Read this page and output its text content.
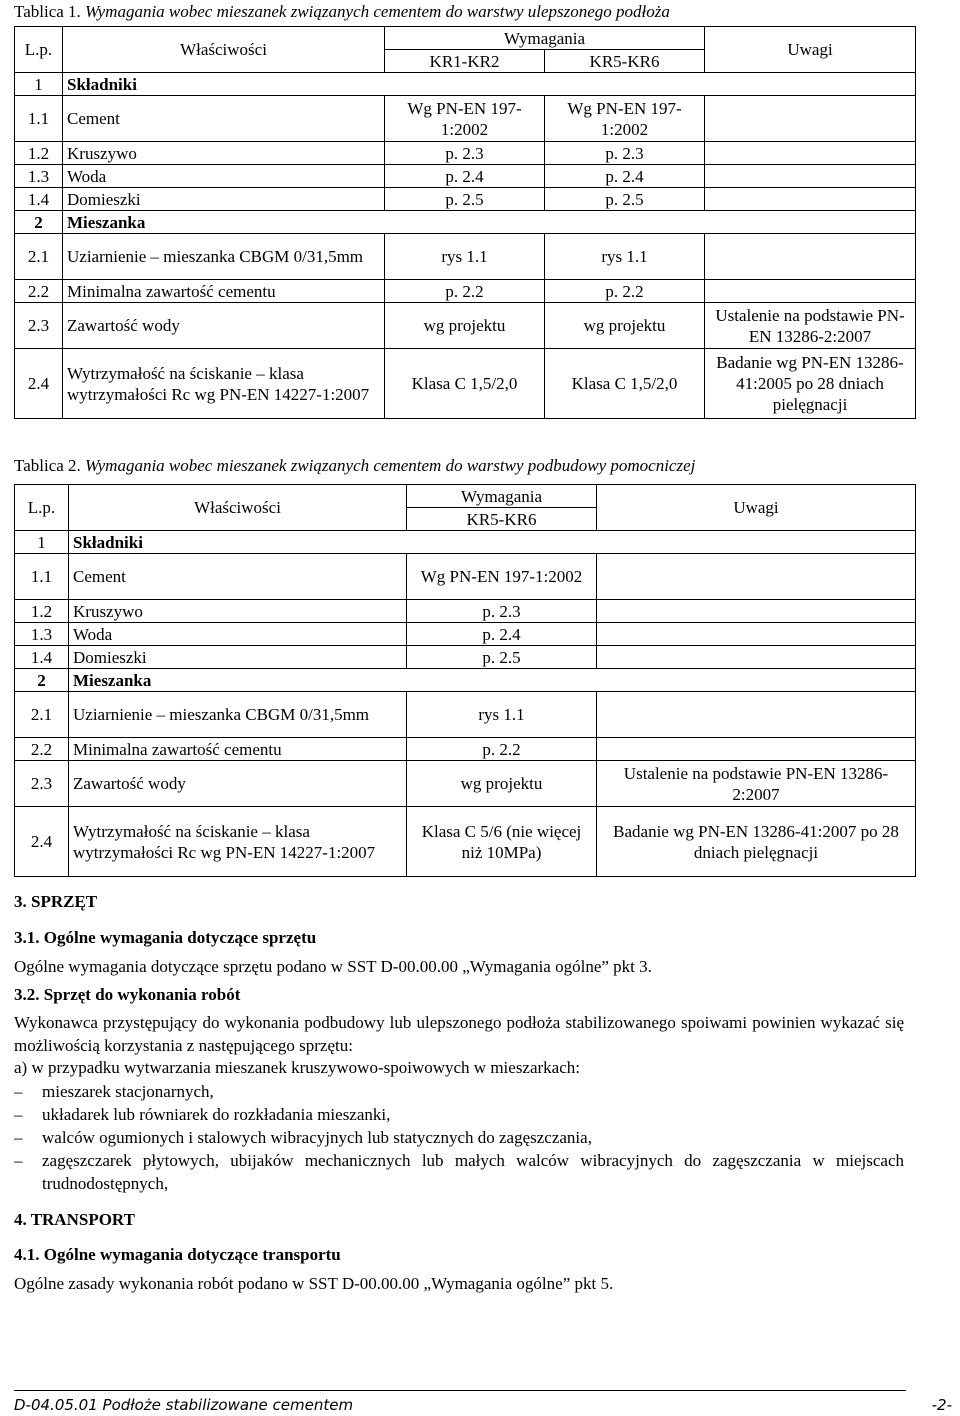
Tablica 1. Wymagania wobec mieszanek związanych cementem do warstwy ulepszonego podłoża
L.p.	Właściwości	Wymagania		Uwagi
		KR1-KR2	KR5-KR6	
1	Składniki			
1.1	Cement	Wg PN-EN 197-1:2002	Wg PN-EN 197-1:2002	
1.2	Kruszywo	p. 2.3	p. 2.3	
1.3	Woda	p. 2.4	p. 2.4	
1.4	Domieszki	p. 2.5	p. 2.5	
2	Mieszanka			
2.1	Uziarnienie – mieszanka CBGM 0/31,5mm	rys 1.1	rys 1.1	
2.2	Minimalna zawartość cementu	p. 2.2	p. 2.2	
2.3	Zawartość wody	wg projektu	wg projektu	Ustalenie na podstawie PN-EN 13286-2:2007
2.4	Wytrzymałość na ściskanie – klasa wytrzymałości Rc wg PN-EN 14227-1:2007	Klasa C 1,5/2,0	Klasa C 1,5/2,0	Badanie wg PN-EN 13286-41:2005 po 28 dniach pielęgnacji
Tablica 2. Wymagania wobec mieszanek związanych cementem do warstwy podbudowy pomocniczej
L.p.	Właściwości	Wymagania	Uwagi
		KR5-KR6	
1	Składniki		
1.1	Cement	Wg PN-EN 197-1:2002	
1.2	Kruszywo	p. 2.3	
1.3	Woda	p. 2.4	
1.4	Domieszki	p. 2.5	
2	Mieszanka		
2.1	Uziarnienie – mieszanka CBGM 0/31,5mm	rys 1.1	
2.2	Minimalna zawartość cementu	p. 2.2	
2.3	Zawartość wody	wg projektu	Ustalenie na podstawie PN-EN 13286-2:2007
2.4	Wytrzymałość na ściskanie – klasa wytrzymałości Rc wg PN-EN 14227-1:2007	Klasa C 5/6 (nie więcej niż 10MPa)	Badanie wg PN-EN 13286-41:2007 po 28 dniach pielęgnacji
3. SPRZĘT
3.1. Ogólne wymagania dotyczące sprzętu

Ogólne wymagania dotyczące sprzętu podano w SST D-00.00.00 „Wymagania ogólne” pkt 3.

3.2. Sprzęt do wykonania robót

Wykonawca przystępujący do wykonania podbudowy lub ulepszonego podłoża stabilizowanego spoiwami powinien wykazać się możliwością korzystania z następującego sprzętu:

a) w przypadku wytwarzania mieszanek kruszywowo-spoiwowych w mieszarkach:

– mieszarek stacjonarnych,
– układarek lub równiarek do rozkładania mieszanki,
– walców ogumionych i stalowych wibracyjnych lub statycznych do zagęszczania,
– zagęszczarek płytowych, ubijaków mechanicznych lub małych walców wibracyjnych do zagęszczania w miejscach trudnodostępnych,
4. TRANSPORT
4.1. Ogólne wymagania dotyczące transportu

Ogólne zasady wykonania robót podano w SST D-00.00.00 „Wymagania ogólne” pkt 5.

D-04.05.01 Podłoże stabilizowane cementem	-2-
